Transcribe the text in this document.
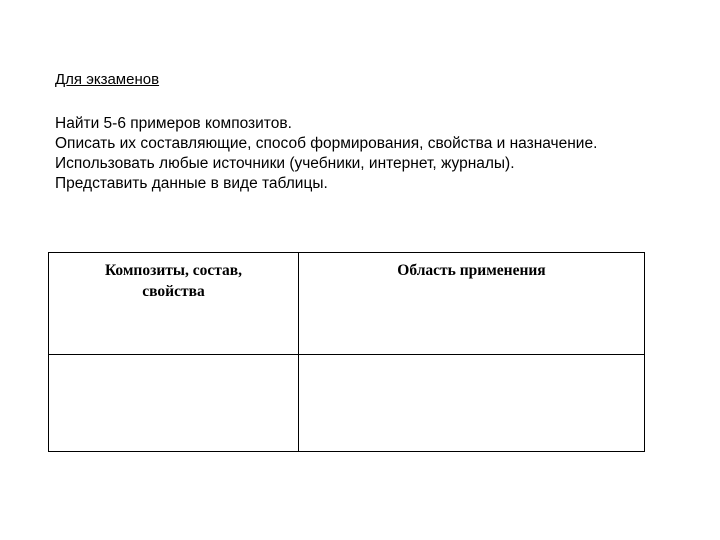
Для экзаменов
Найти 5-6 примеров композитов.
Описать их составляющие, способ формирования, свойства и назначение.
Использовать любые источники (учебники, интернет, журналы).
Представить данные в виде таблицы.
Композиты, состав,
свойства	Область применения
